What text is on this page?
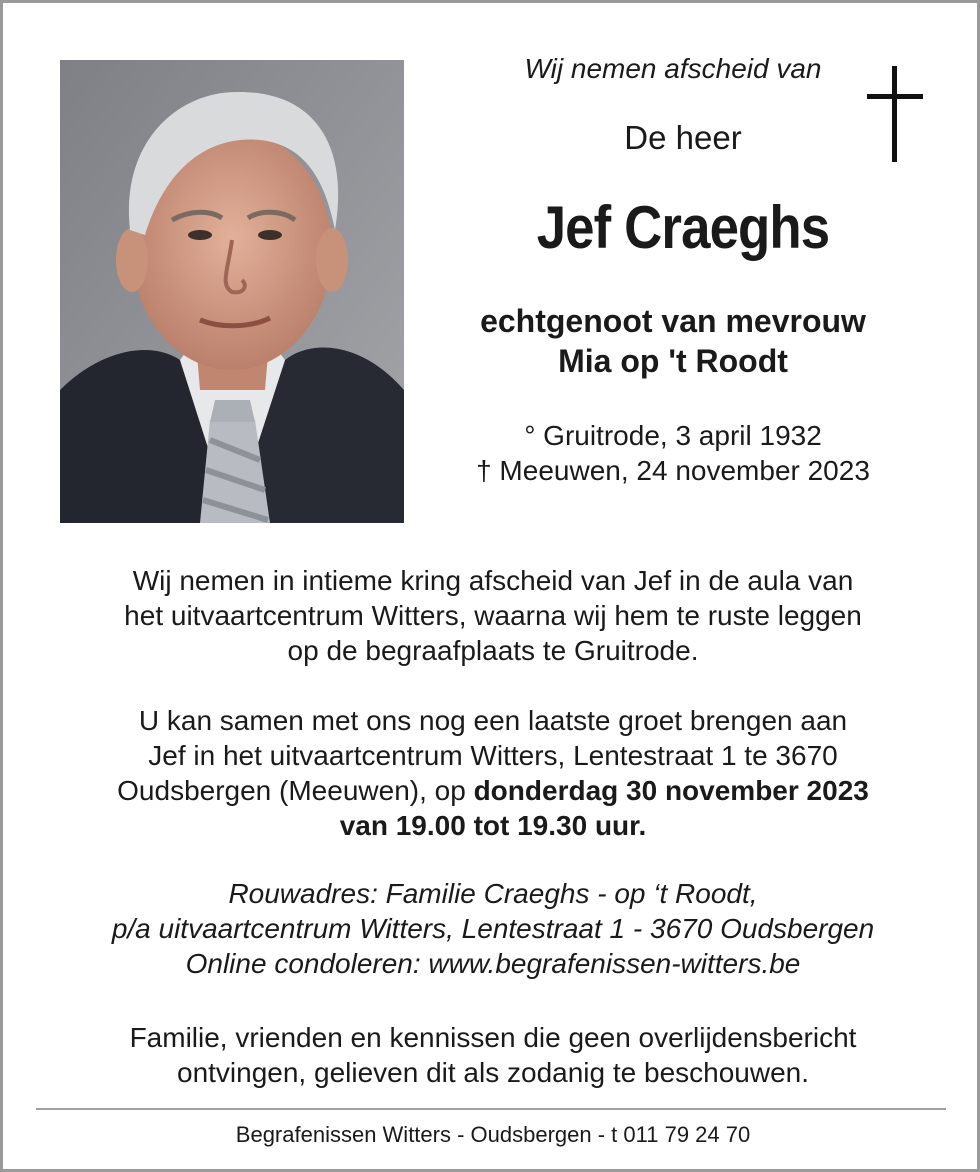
Wij nemen afscheid van
De heer
Jef Craeghs
echtgenoot van mevrouw
Mia op 't Roodt
° Gruitrode, 3 april 1932
† Meeuwen, 24 november 2023
Wij nemen in intieme kring afscheid van Jef in de aula van
het uitvaartcentrum Witters, waarna wij hem te ruste leggen
op de begraafplaats te Gruitrode.
U kan samen met ons nog een laatste groet brengen aan
Jef in het uitvaartcentrum Witters, Lentestraat 1 te 3670
Oudsbergen (Meeuwen), op donderdag 30 november 2023
van 19.00 tot 19.30 uur.
Rouwadres: Familie Craeghs - op ‘t Roodt,
p/a uitvaartcentrum Witters, Lentestraat 1 - 3670 Oudsbergen
Online condoleren: www.begrafenissen-witters.be
Familie, vrienden en kennissen die geen overlijdensbericht
ontvingen, gelieven dit als zodanig te beschouwen.
Begrafenissen Witters - Oudsbergen - t 011 79 24 70
